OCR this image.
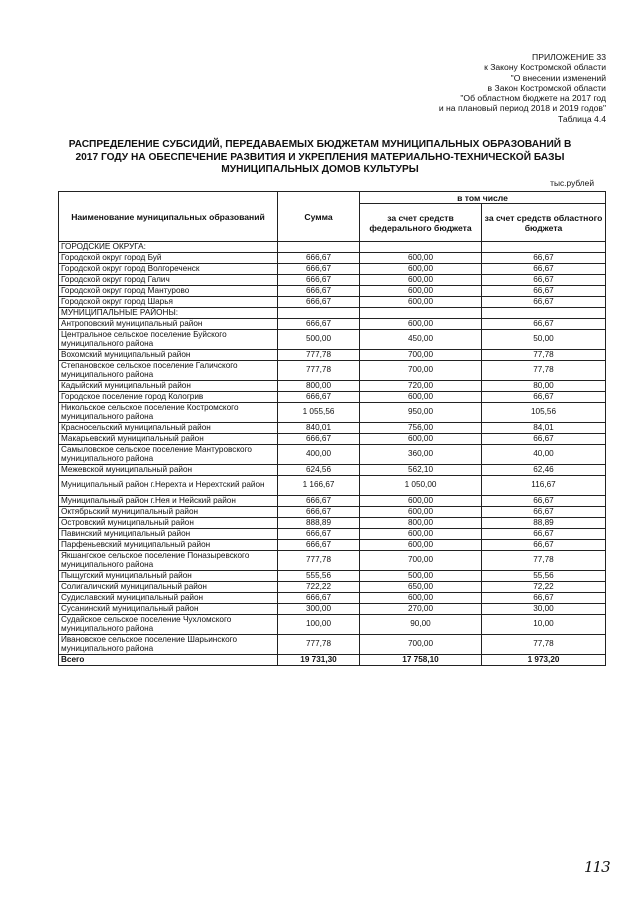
ПРИЛОЖЕНИЕ 33
к Закону Костромской области
"О внесении изменений
в Закон Костромской области
"Об областном бюджете на 2017 год
и на плановый период 2018 и 2019 годов"
Таблица 4.4
РАСПРЕДЕЛЕНИЕ СУБСИДИЙ, ПЕРЕДАВАЕМЫХ БЮДЖЕТАМ МУНИЦИПАЛЬНЫХ ОБРАЗОВАНИЙ В
2017 ГОДУ НА ОБЕСПЕЧЕНИЕ РАЗВИТИЯ И УКРЕПЛЕНИЯ МАТЕРИАЛЬНО-ТЕХНИЧЕСКОЙ БАЗЫ
МУНИЦИПАЛЬНЫХ ДОМОВ КУЛЬТУРЫ
тыс.рублей
Наименование муниципальных образований	Сумма	в том числе	
		за счет средств федерального бюджета	за счет средств областного бюджета
ГОРОДСКИЕ ОКРУГА:			
Городской округ город Буй	666,67	600,00	66,67
Городской округ город Волгореченск	666,67	600,00	66,67
Городской округ город Галич	666,67	600,00	66,67
Городской округ город Мантурово	666,67	600,00	66,67
Городской округ город Шарья	666,67	600,00	66,67
МУНИЦИПАЛЬНЫЕ РАЙОНЫ:			
Антроповский муниципальный район	666,67	600,00	66,67
Центральное сельское поселение Буйского муниципального района	500,00	450,00	50,00
Вохомский муниципальный район	777,78	700,00	77,78
Степановское сельское поселение Галичского муниципального района	777,78	700,00	77,78
Кадыйский муниципальный район	800,00	720,00	80,00
Городское поселение город Кологрив	666,67	600,00	66,67
Никольское сельское поселение Костромского муниципального района	1 055,56	950,00	105,56
Красносельский муниципальный район	840,01	756,00	84,01
Макарьевский муниципальный район	666,67	600,00	66,67
Самыловское сельское поселение Мантуровского муниципального района	400,00	360,00	40,00
Межевской муниципальный район	624,56	562,10	62,46
Муниципальный район г.Нерехта и Нерехтский район	1 166,67	1 050,00	116,67
Муниципальный район г.Нея и Нейский район	666,67	600,00	66,67
Октябрьский муниципальный район	666,67	600,00	66,67
Островский муниципальный район	888,89	800,00	88,89
Павинский муниципальный район	666,67	600,00	66,67
Парфеньевский муниципальный район	666,67	600,00	66,67
Якшангское сельское поселение Поназыревского муниципального района	777,78	700,00	77,78
Пыщугский муниципальный район	555,56	500,00	55,56
Солигаличский муниципальный район	722,22	650,00	72,22
Судиславский муниципальный район	666,67	600,00	66,67
Сусанинский муниципальный район	300,00	270,00	30,00
Судайское сельское поселение Чухломского муниципального района	100,00	90,00	10,00
Ивановское сельское поселение Шарьинского муниципального района	777,78	700,00	77,78
Всего	19 731,30	17 758,10	1 973,20
113
